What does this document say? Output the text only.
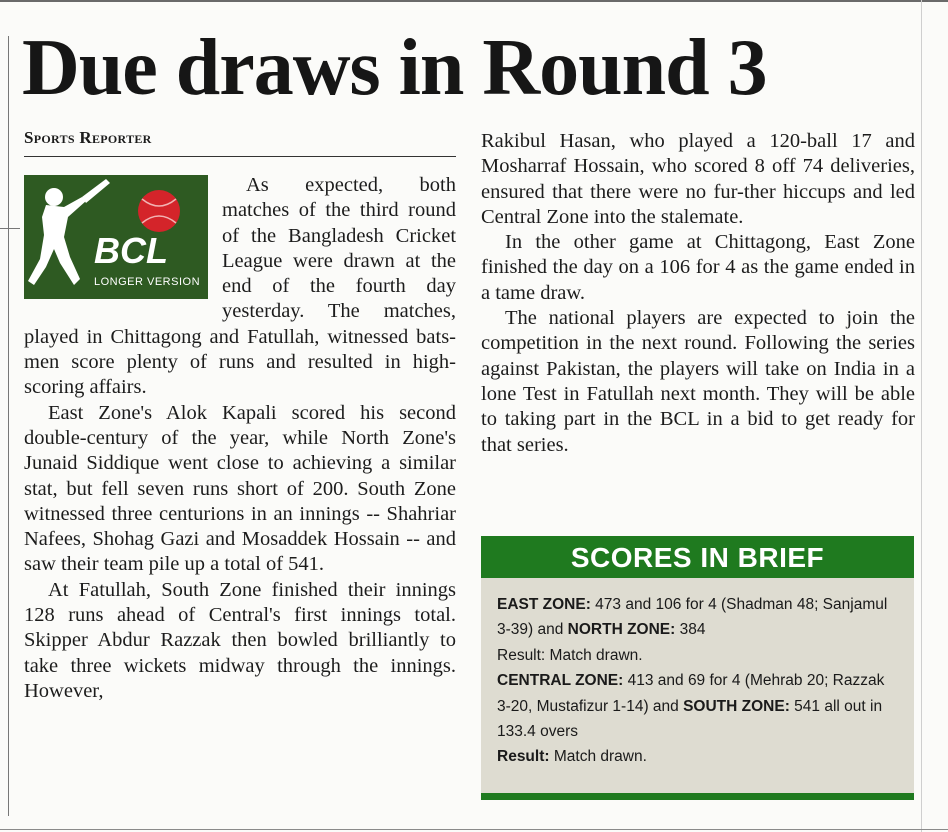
Due draws in Round 3
Sports Reporter
BCL
LONGER VERSION

As expected, both matches of the third round of the Bangladesh Cricket League were drawn at the end of the fourth day yesterday. The matches, played in Chittagong and Fatullah, witnessed bats-men score plenty of runs and resulted in high-scoring affairs.

East Zone's Alok Kapali scored his second double-century of the year, while North Zone's Junaid Siddique went close to achieving a similar stat, but fell seven runs short of 200. South Zone witnessed three centurions in an innings -- Shahriar Nafees, Shohag Gazi and Mosaddek Hossain -- and saw their team pile up a total of 541.

At Fatullah, South Zone finished their innings 128 runs ahead of Central's first innings total. Skipper Abdur Razzak then bowled brilliantly to take three wickets midway through the innings. However,

Rakibul Hasan, who played a 120-ball 17 and Mosharraf Hossain, who scored 8 off 74 deliveries, ensured that there were no fur-ther hiccups and led Central Zone into the stalemate.

In the other game at Chittagong, East Zone finished the day on a 106 for 4 as the game ended in a tame draw.

The national players are expected to join the competition in the next round. Following the series against Pakistan, the players will take on India in a lone Test in Fatullah next month. They will be able to taking part in the BCL in a bid to get ready for that series.

SCORES IN BRIEF
EAST ZONE: 473 and 106 for 4 (Shadman 48; Sanjamul
3-39) and NORTH ZONE: 384
Result: Match drawn.
CENTRAL ZONE: 413 and 69 for 4 (Mehrab 20; Razzak
3-20, Mustafizur 1-14) and SOUTH ZONE: 541 all out in
133.4 overs
Result: Match drawn.
